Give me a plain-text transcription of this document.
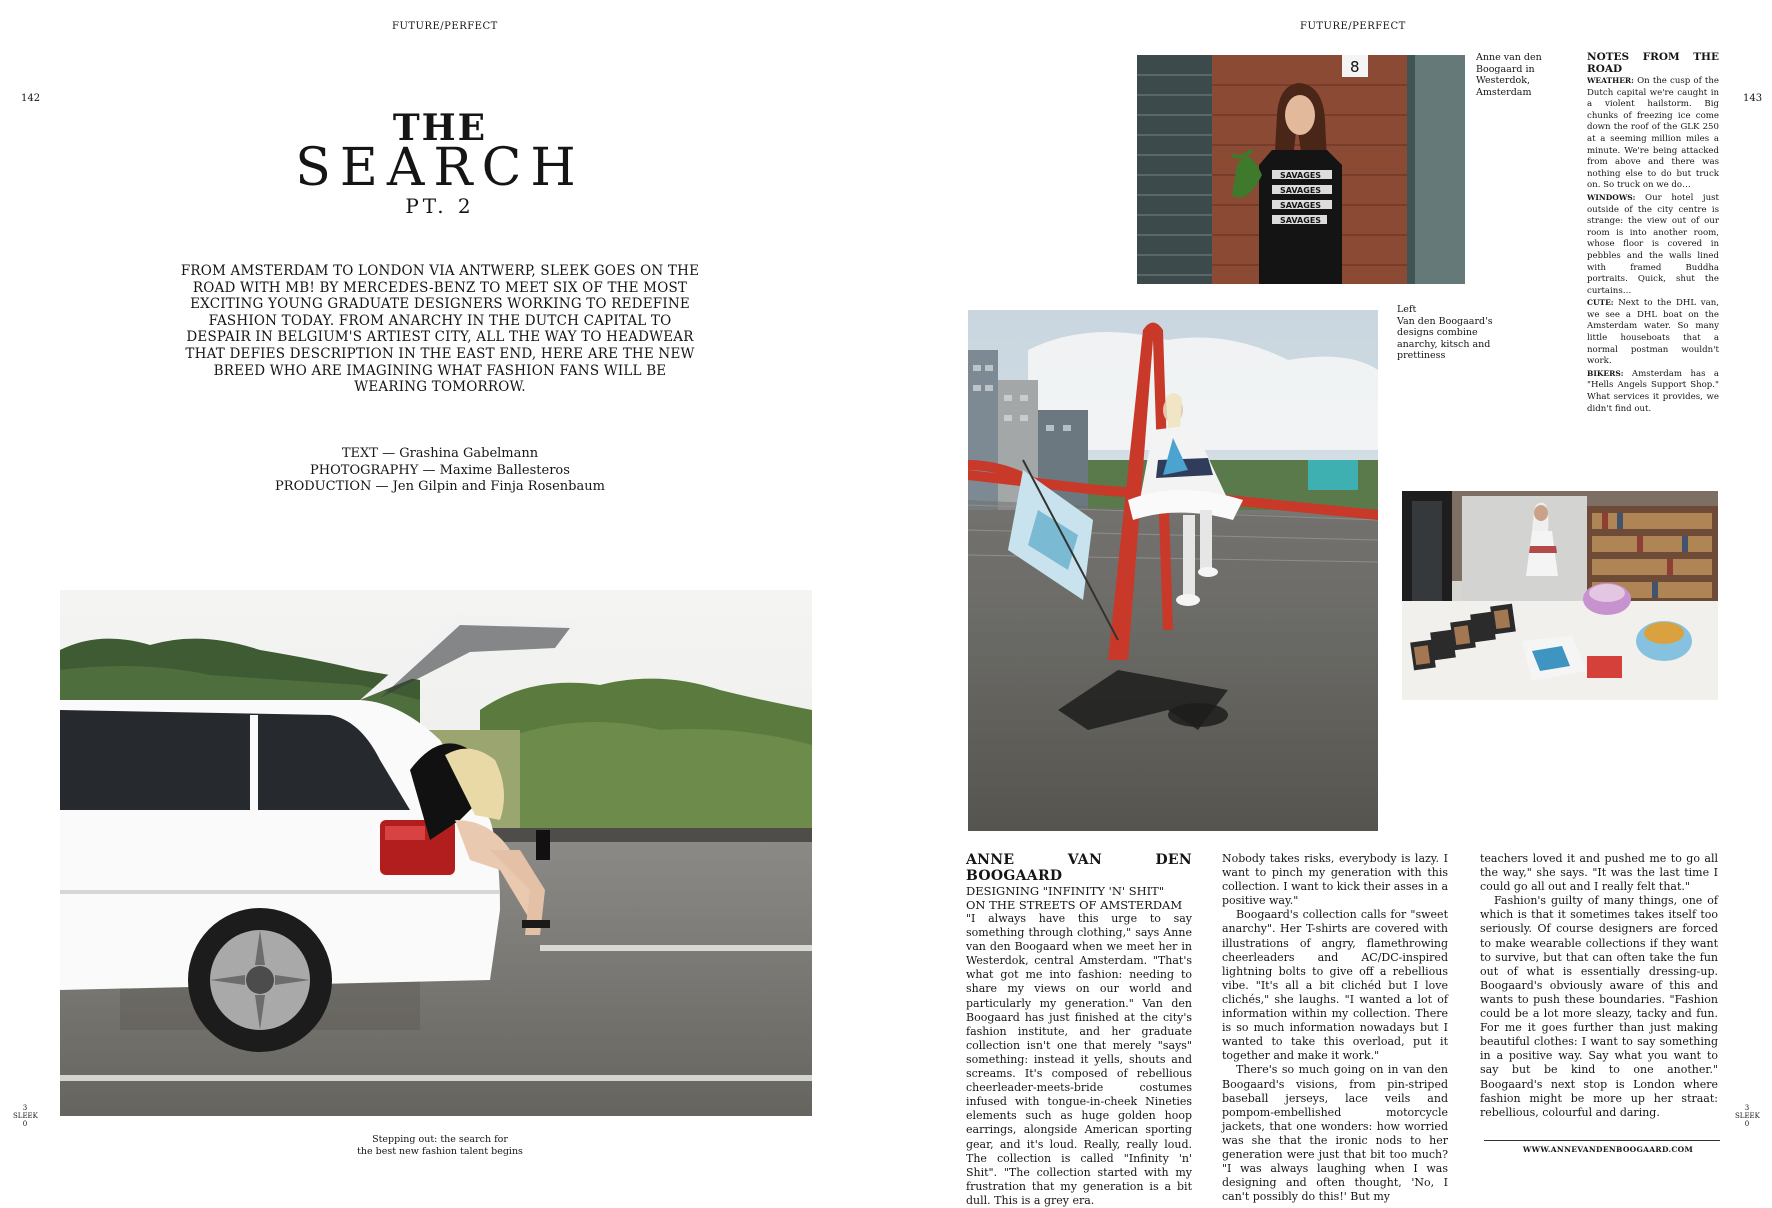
FUTURE/PERFECT
142
THE
SEARCH
PT. 2
FROM AMSTERDAM TO LONDON VIA ANTWERP, SLEEK GOES ON THE ROAD WITH MB! BY MERCEDES-BENZ TO MEET SIX OF THE MOST EXCITING YOUNG GRADUATE DESIGNERS WORKING TO REDEFINE FASHION TODAY. FROM ANARCHY IN THE DUTCH CAPITAL TO DESPAIR IN BELGIUM'S ARTIEST CITY, ALL THE WAY TO HEADWEAR THAT DEFIES DESCRIPTION IN THE EAST END, HERE ARE THE NEW BREED WHO ARE IMAGINING WHAT FASHION FANS WILL BE WEARING TOMORROW.
TEXT — Grashina Gabelmann
PHOTOGRAPHY — Maxime Ballesteros
PRODUCTION — Jen Gilpin and Finja Rosenbaum
Stepping out: the search for
the best new fashion talent begins
3
SLEEK
0
FUTURE/PERFECT
143
8
SAVAGES
SAVAGES
SAVAGES
SAVAGES
Anne van den Boogaard in Westerdok, Amsterdam
NOTES FROM THE ROAD

WEATHER: On the cusp of the Dutch capital we're caught in a violent hailstorm. Big chunks of freezing ice come down the roof of the GLK 250 at a seeming million miles a minute. We're being attacked from above and there was nothing else to do but truck on. So truck on we do…

WINDOWS: Our hotel just outside of the city centre is strange: the view out of our room is into another room, whose floor is covered in pebbles and the walls lined with framed Buddha portraits. Quick, shut the curtains…

CUTE: Next to the DHL van, we see a DHL boat on the Amsterdam water. So many little houseboats that a normal postman wouldn't work.

BIKERS: Amsterdam has a "Hells Angels Support Shop." What services it provides, we didn't find out.

Left
Van den Boogaard's designs combine anarchy, kitsch and prettiness

ANNE VAN DEN BOOGAARD

DESIGNING "INFINITY 'N' SHIT"

ON THE STREETS OF AMSTERDAM

"I always have this urge to say something through clothing," says Anne van den Boogaard when we meet her in Westerdok, central Amsterdam. "That's what got me into fashion: needing to share my views on our world and particularly my generation." Van den Boogaard has just finished at the city's fashion institute, and her graduate collection isn't one that merely "says" something: instead it yells, shouts and screams. It's composed of rebellious cheerleader-meets-bride costumes infused with tongue-in-cheek Nineties elements such as huge golden hoop earrings, alongside American sporting gear, and it's loud. Really, really loud. The collection is called "Infinity 'n' Shit". "The collection started with my frustration that my generation is a bit dull. This is a grey era.

Nobody takes risks, everybody is lazy. I want to pinch my generation with this collection. I want to kick their asses in a positive way."

Boogaard's collection calls for "sweet anarchy". Her T-shirts are covered with illustrations of angry, flamethrowing cheerleaders and AC/DC-inspired lightning bolts to give off a rebellious vibe. "It's all a bit clichéd but I love clichés," she laughs. "I wanted a lot of information within my collection. There is so much information nowadays but I wanted to take this overload, put it together and make it work."

There's so much going on in van den Boogaard's visions, from pin-striped baseball jerseys, lace veils and pompom-embellished motorcycle jackets, that one wonders: how worried was she that the ironic nods to her generation were just that bit too much? "I was always laughing when I was designing and often thought, 'No, I can't possibly do this!' But my

teachers loved it and pushed me to go all the way," she says. "It was the last time I could go all out and I really felt that."

Fashion's guilty of many things, one of which is that it sometimes takes itself too seriously. Of course designers are forced to make wearable collections if they want to survive, but that can often take the fun out of what is essentially dressing-up. Boogaard's obviously aware of this and wants to push these boundaries. "Fashion could be a lot more sleazy, tacky and fun. For me it goes further than just making beautiful clothes: I want to say something in a positive way. Say what you want to say but be kind to one another." Boogaard's next stop is London where fashion might be more up her straat: rebellious, colourful and daring.

WWW.ANNEVANDENBOOGAARD.COM
3
SLEEK
0
